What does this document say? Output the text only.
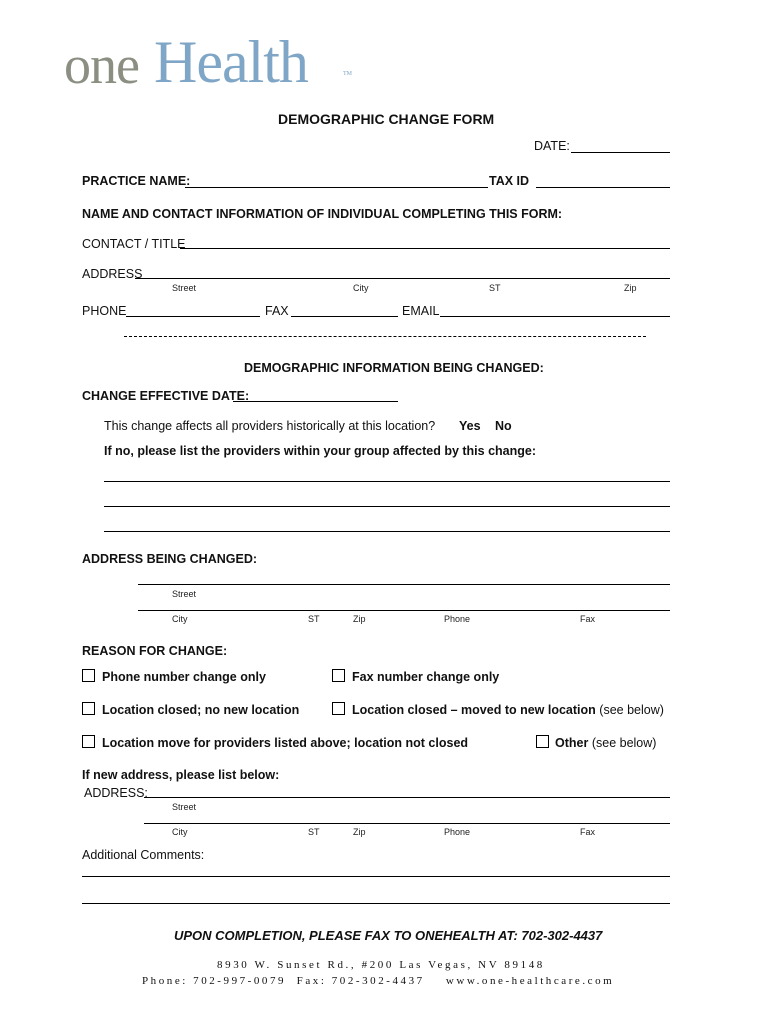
one Health	TM
DEMOGRAPHIC CHANGE FORM
DATE:
PRACTICE NAME:	TAX ID
NAME AND CONTACT INFORMATION OF INDIVIDUAL COMPLETING THIS FORM:
CONTACT / TITLE
ADDRESS
Street	City	ST	Zip
PHONE	FAX	EMAIL
DEMOGRAPHIC INFORMATION BEING CHANGED:
CHANGE EFFECTIVE DATE:
This change affects all providers historically at this location? Yes No
If no, please list the providers within your group affected by this change:
ADDRESS BEING CHANGED:
Street
City	ST	Zip	Phone	Fax
REASON FOR CHANGE:
Phone number change only	Fax number change only
Location closed; no new location	Location closed – moved to new location (see below)
Location move for providers listed above; location not closed	Other (see below)
If new address, please list below:
ADDRESS:
Street
City	ST	Zip	Phone	Fax
Additional Comments:
UPON COMPLETION, PLEASE FAX TO ONEHEALTH AT: 702-302-4437
8930 W. Sunset Rd., #200 Las Vegas, NV 89148
Phone: 702-997-0079  Fax: 702-302-4437    www.one-healthcare.com
